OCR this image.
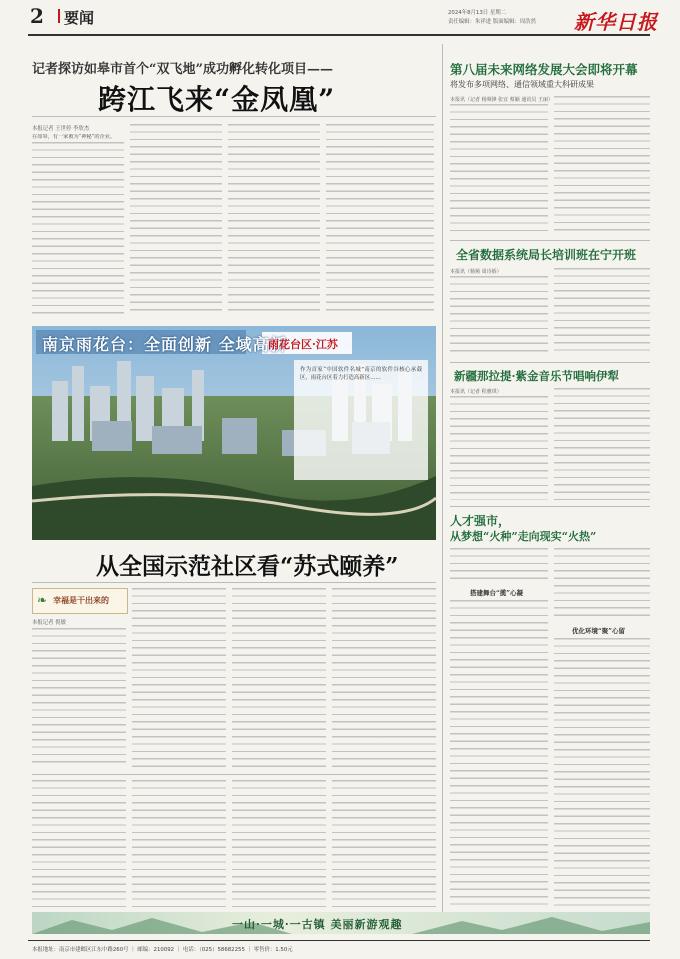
2 要闻	2024年8月13日 星期二
责任编辑：朱祥进 版面编辑：周浩然 新华日报
记者探访如皋市首个“双飞地”成功孵化转化项目——
跨江飞来“金凤凰”
本报记者 王世停 李欣杰
在如皋，有一家被为“神秘”的企业。
南京雨花台：全面创新 全域高新
雨花台区·江苏
作为首家“中国软件名城”南京的软件谷核心承载区，雨花台区着力打造高新区……
从全国示范社区看“苏式颐养”
❧ 幸福是干出来的
本报记者 倪敏
第八届未来网络发展大会即将开幕
将发布多项网络、通信领域重大科研成果
本报讯（记者 杨频锋 张宜 蔡颖 通讯员 王丽）
全省数据系统局长培训班在宁开班
本报讯（杨频 周诗娇）
新疆那拉提·紫金音乐节唱响伊犁
本报讯（记者 程雅琪）
人才强市，
从梦想“火种”走向现实“火热”
搭建舞台“揽”心凝
优化环境“聚”心留
一山·一城·一古镇 美丽新游观趣
本报地址：南京市建邺区江东中路260号 ｜ 邮编：210092 ｜ 电话：（025）58682255 ｜ 零售价：1.50元
